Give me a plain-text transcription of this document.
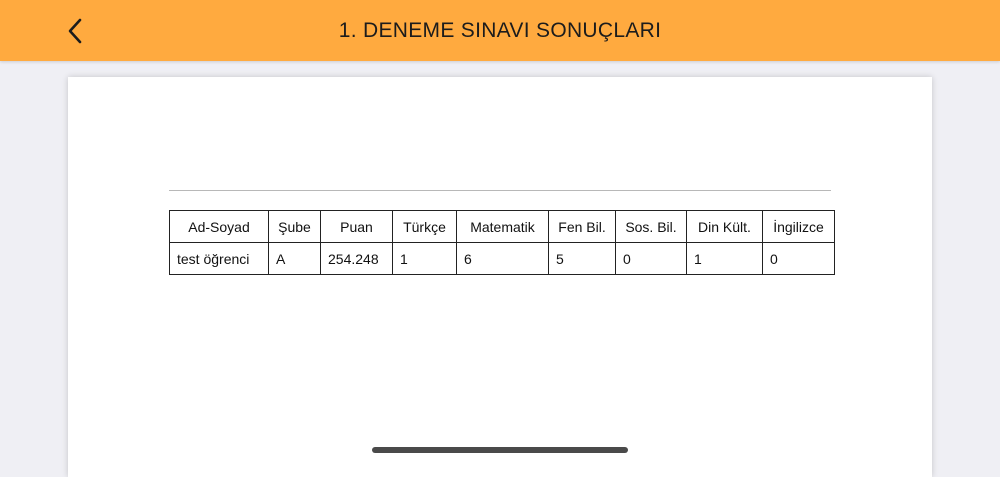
1. DENEME SINAVI SONUÇLARI
Ad-Soyad	Şube	Puan	Türkçe	Matematik	Fen Bil.	Sos. Bil.	Din Kült.	İngilizce
test öğrenci	A	254.248	1	6	5	0	1	0
